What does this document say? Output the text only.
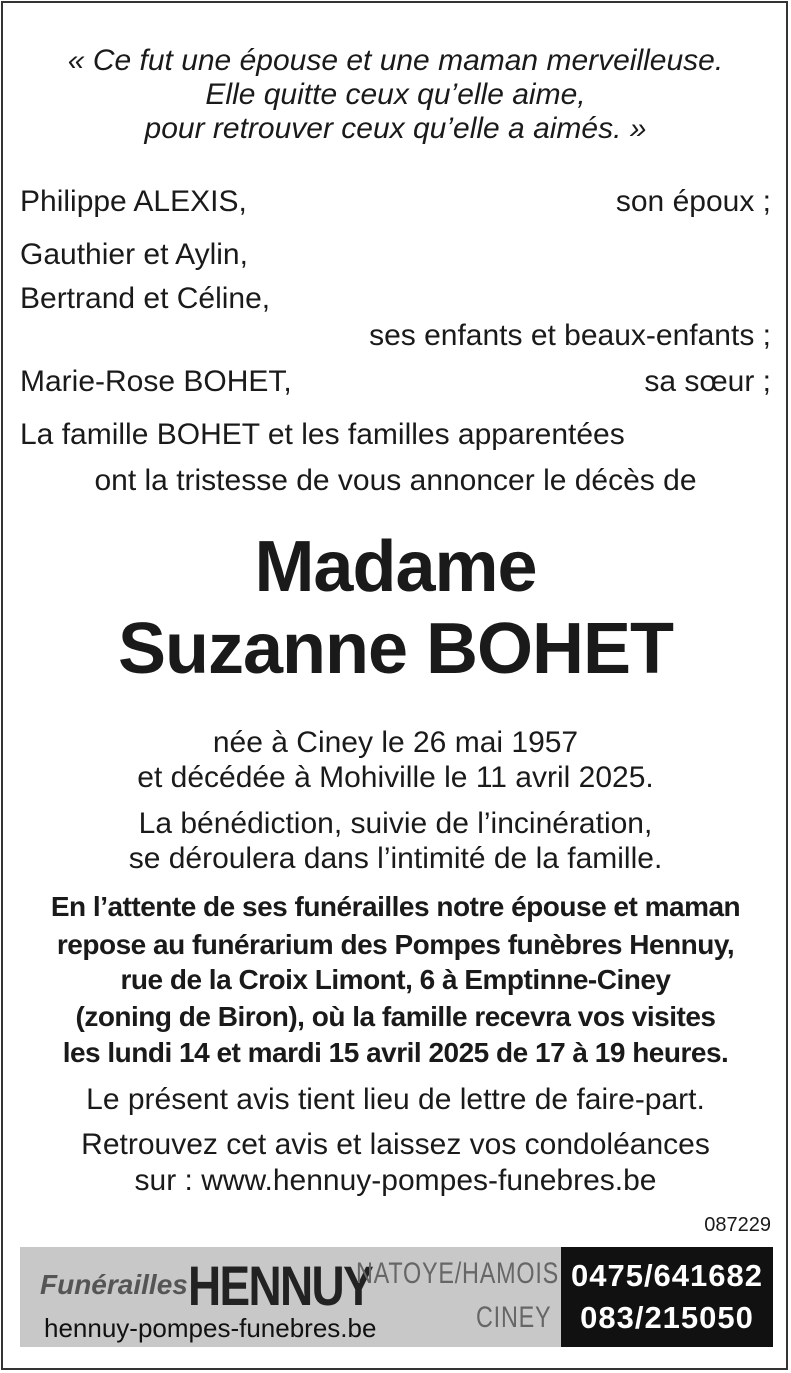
« Ce fut une épouse et une maman merveilleuse.
Elle quitte ceux qu’elle aime,
pour retrouver ceux qu’elle a aimés. »
Philippe ALEXIS,	son époux ;
Gauthier et Aylin,
Bertrand et Céline,
ses enfants et beaux-enfants ;
Marie-Rose BOHET,	sa sœur ;
La famille BOHET et les familles apparentées
ont la tristesse de vous annoncer le décès de
Madame
Suzanne BOHET
née à Ciney le 26 mai 1957
et décédée à Mohiville le 11 avril 2025.
La bénédiction, suivie de l’incinération,
se déroulera dans l’intimité de la famille.
En l’attente de ses funérailles notre épouse et maman
repose au funérarium des Pompes funèbres Hennuy,
rue de la Croix Limont, 6 à Emptinne-Ciney
(zoning de Biron), où la famille recevra vos visites
les lundi 14 et mardi 15 avril 2025 de 17 à 19 heures.
Le présent avis tient lieu de lettre de faire-part.
Retrouvez cet avis et laissez vos condoléances
sur : www.hennuy-pompes-funebres.be
087229
Funérailles HENNUY
NATOYE/HAMOIS
CINEY
hennuy-pompes-funebres.be
0475/641682
083/215050
